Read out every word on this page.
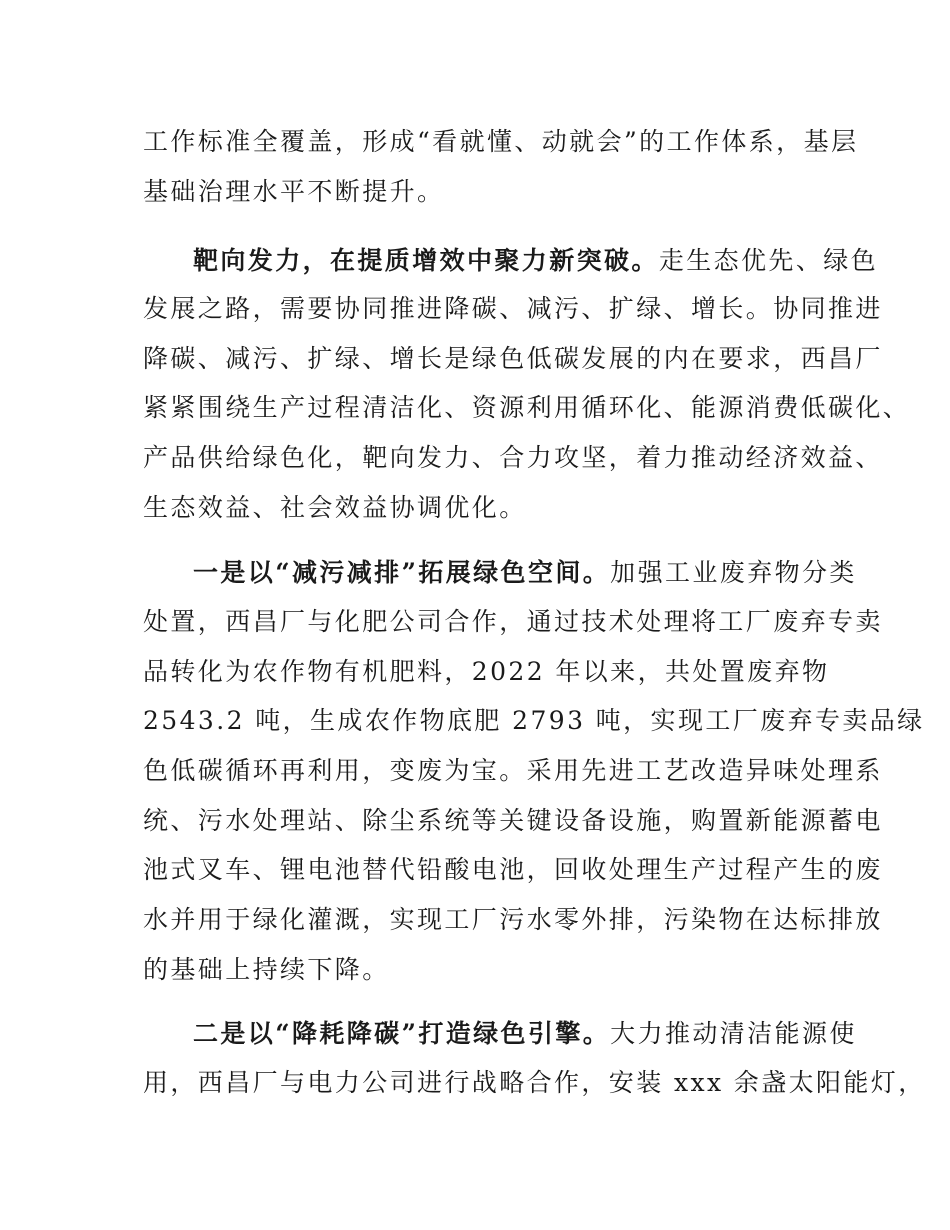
工作标准全覆盖，形成“看就懂、动就会”的工作体系，基层
基础治理水平不断提升。
靶向发力，在提质增效中聚力新突破。走生态优先、绿色
发展之路，需要协同推进降碳、减污、扩绿、增长。协同推进
降碳、减污、扩绿、增长是绿色低碳发展的内在要求，西昌厂
紧紧围绕生产过程清洁化、资源利用循环化、能源消费低碳化、
产品供给绿色化，靶向发力、合力攻坚，着力推动经济效益、
生态效益、社会效益协调优化。
一是以“减污减排”拓展绿色空间。加强工业废弃物分类
处置，西昌厂与化肥公司合作，通过技术处理将工厂废弃专卖
品转化为农作物有机肥料，2022 年以来，共处置废弃物
2543.2 吨，生成农作物底肥 2793 吨，实现工厂废弃专卖品绿
色低碳循环再利用，变废为宝。采用先进工艺改造异味处理系
统、污水处理站、除尘系统等关键设备设施，购置新能源蓄电
池式叉车、锂电池替代铅酸电池，回收处理生产过程产生的废
水并用于绿化灌溉，实现工厂污水零外排，污染物在达标排放
的基础上持续下降。
二是以“降耗降碳”打造绿色引擎。大力推动清洁能源使
用，西昌厂与电力公司进行战略合作，安装 xxx 余盏太阳能灯，
